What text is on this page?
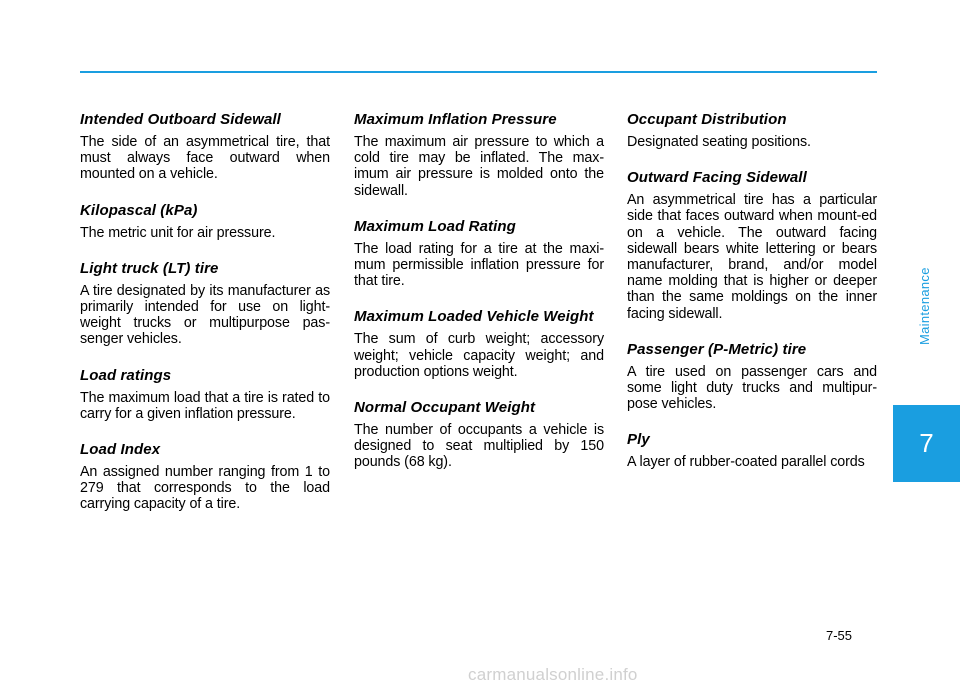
Intended Outboard Sidewall

The side of an asymmetrical tire, that must always face outward when mounted on a vehicle.

Kilopascal (kPa)

The metric unit for air pressure.

Light truck (LT) tire

A tire designated by its manufacturer as primarily intended for use on light-weight trucks or multipurpose pas-senger vehicles.

Load ratings

The maximum load that a tire is rated to carry for a given inflation pressure.

Load Index

An assigned number ranging from 1 to 279 that corresponds to the load carrying capacity of a tire.

Maximum Inflation Pressure

The maximum air pressure to which a cold tire may be inflated. The max-imum air pressure is molded onto the sidewall.

Maximum Load Rating

The load rating for a tire at the maxi-mum permissible inflation pressure for that tire.

Maximum Loaded Vehicle Weight

The sum of curb weight; accessory weight; vehicle capacity weight; and production options weight.

Normal Occupant Weight

The number of occupants a vehicle is designed to seat multiplied by 150 pounds (68 kg).

Occupant Distribution

Designated seating positions.

Outward Facing Sidewall

An asymmetrical tire has a particular side that faces outward when mount-ed on a vehicle. The outward facing sidewall bears white lettering or bears manufacturer, brand, and/or model name molding that is higher or deeper than the same moldings on the inner facing sidewall.

Passenger (P-Metric) tire

A tire used on passenger cars and some light duty trucks and multipur-pose vehicles.

Ply

A layer of rubber-coated parallel cords

Maintenance
7
7-55
carmanualsonline.info
